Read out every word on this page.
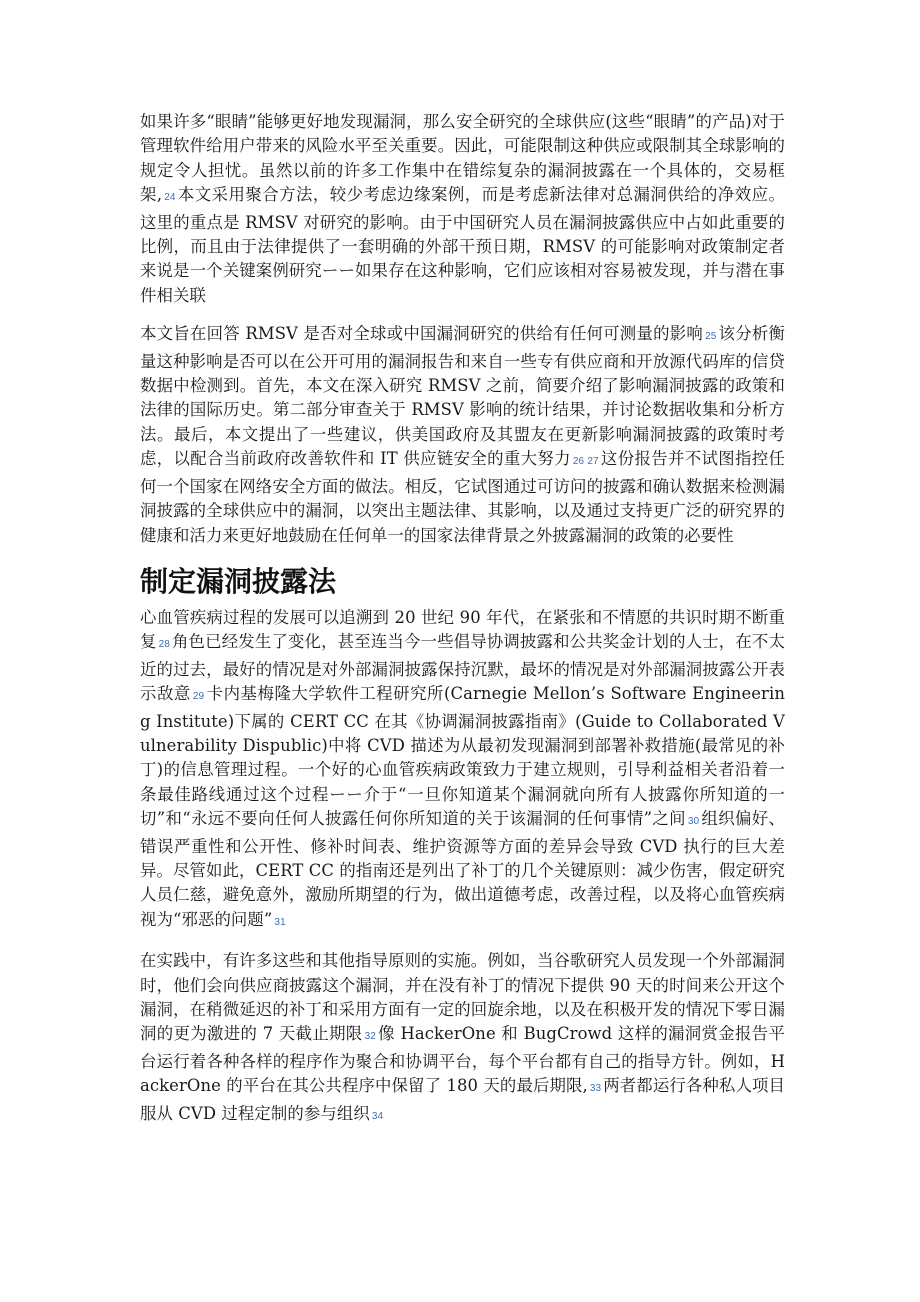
如果许多“眼睛”能够更好地发现漏洞，那么安全研究的全球供应(这些“眼睛”的产品)对于管理软件给用户带来的风险水平至关重要。因此，可能限制这种供应或限制其全球影响的规定令人担忧。虽然以前的许多工作集中在错综复杂的漏洞披露在一个具体的，交易框架, 24 本文采用聚合方法，较少考虑边缘案例，而是考虑新法律对总漏洞供给的净效应。这里的重点是 RMSV 对研究的影响。由于中国研究人员在漏洞披露供应中占如此重要的比例，而且由于法律提供了一套明确的外部干预日期，RMSV 的可能影响对政策制定者来说是一个关键案例研究ーー如果存在这种影响，它们应该相对容易被发现，并与潜在事件相关联

本文旨在回答 RMSV 是否对全球或中国漏洞研究的供给有任何可测量的影响 25 该分析衡量这种影响是否可以在公开可用的漏洞报告和来自一些专有供应商和开放源代码库的信贷数据中检测到。首先，本文在深入研究 RMSV 之前，简要介绍了影响漏洞披露的政策和法律的国际历史。第二部分审查关于 RMSV 影响的统计结果，并讨论数据收集和分析方法。最后，本文提出了一些建议，供美国政府及其盟友在更新影响漏洞披露的政策时考虑，以配合当前政府改善软件和 IT 供应链安全的重大努力 26 27 这份报告并不试图指控任何一个国家在网络安全方面的做法。相反，它试图通过可访问的披露和确认数据来检测漏洞披露的全球供应中的漏洞，以突出主题法律、其影响，以及通过支持更广泛的研究界的健康和活力来更好地鼓励在任何单一的国家法律背景之外披露漏洞的政策的必要性

制定漏洞披露法

心血管疾病过程的发展可以追溯到 20 世纪 90 年代，在紧张和不情愿的共识时期不断重复 28 角色已经发生了变化，甚至连当今一些倡导协调披露和公共奖金计划的人士，在不太近的过去，最好的情况是对外部漏洞披露保持沉默，最坏的情况是对外部漏洞披露公开表示敌意 29 卡内基梅隆大学软件工程研究所(Carnegie Mellon’s Software Engineering Institute)下属的 CERT CC 在其《协调漏洞披露指南》(Guide to Collaborated Vulnerability Dispublic)中将 CVD 描述为从最初发现漏洞到部署补救措施(最常见的补丁)的信息管理过程。一个好的心血管疾病政策致力于建立规则，引导利益相关者沿着一条最佳路线通过这个过程ーー介于“一旦你知道某个漏洞就向所有人披露你所知道的一切”和“永远不要向任何人披露任何你所知道的关于该漏洞的任何事情”之间 30 组织偏好、错误严重性和公开性、修补时间表、维护资源等方面的差异会导致 CVD 执行的巨大差异。尽管如此，CERT CC 的指南还是列出了补丁的几个关键原则：减少伤害，假定研究人员仁慈，避免意外，激励所期望的行为，做出道德考虑，改善过程，以及将心血管疾病视为“邪恶的问题” 31

在实践中，有许多这些和其他指导原则的实施。例如，当谷歌研究人员发现一个外部漏洞时，他们会向供应商披露这个漏洞，并在没有补丁的情况下提供 90 天的时间来公开这个漏洞，在稍微延迟的补丁和采用方面有一定的回旋余地，以及在积极开发的情况下零日漏洞的更为激进的 7 天截止期限 32 像 HackerOne 和 BugCrowd 这样的漏洞赏金报告平台运行着各种各样的程序作为聚合和协调平台，每个平台都有自己的指导方针。例如，HackerOne 的平台在其公共程序中保留了 180 天的最后期限, 33 两者都运行各种私人项目服从 CVD 过程定制的参与组织 34
